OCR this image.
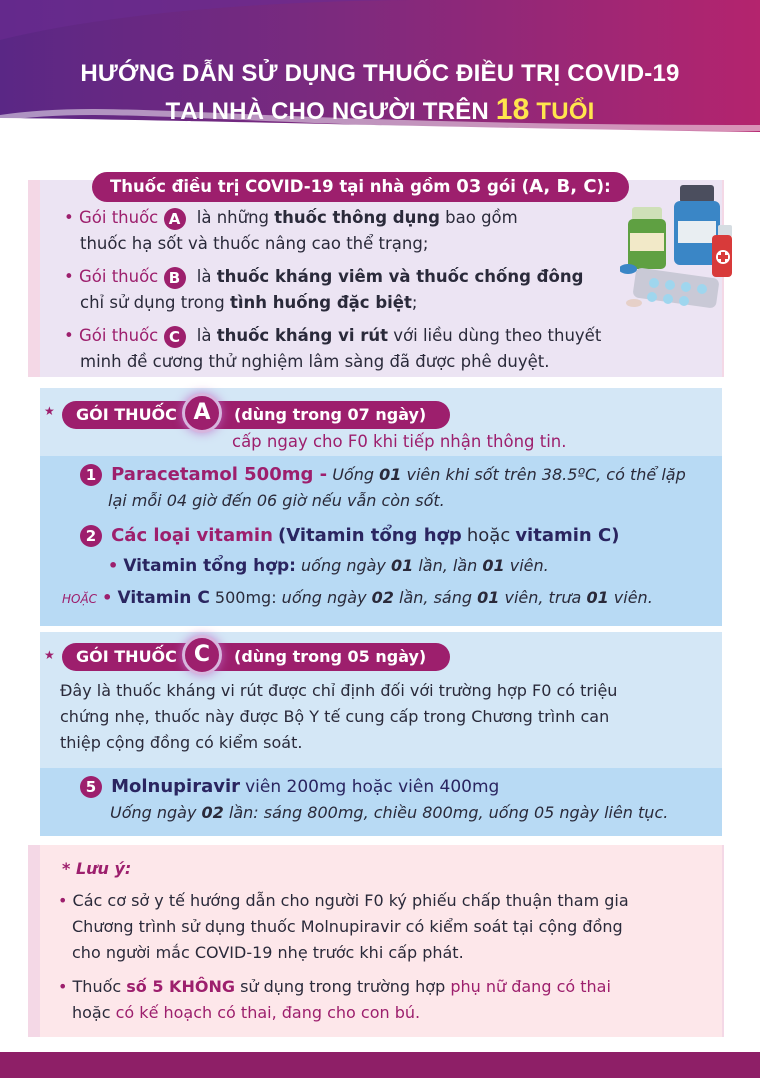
HƯỚNG DẪN SỬ DỤNG THUỐC ĐIỀU TRỊ COVID-19
TẠI NHÀ CHO NGƯỜI TRÊN 18 TUỔI
Thuốc điều trị COVID-19 tại nhà gồm 03 gói (A, B, C):
• Gói thuốc A là những thuốc thông dụng bao gồm
thuốc hạ sốt và thuốc nâng cao thể trạng;
• Gói thuốc B là thuốc kháng viêm và thuốc chống đông
chỉ sử dụng trong tình huống đặc biệt;
• Gói thuốc C là thuốc kháng vi rút với liều dùng theo thuyết
minh đề cương thử nghiệm lâm sàng đã được phê duyệt.
★ GÓI THUỐC A	(dùng trong 07 ngày)
cấp ngay cho F0 khi tiếp nhận thông tin.
1 Paracetamol 500mg - Uống 01 viên khi sốt trên 38.5ºC, có thể lặp
lại mỗi 04 giờ đến 06 giờ nếu vẫn còn sốt.
2 Các loại vitamin (Vitamin tổng hợp hoặc vitamin C)
• Vitamin tổng hợp: uống ngày 01 lần, lần 01 viên.
HOẶC • Vitamin C 500mg: uống ngày 02 lần, sáng 01 viên, trưa 01 viên.
★ GÓI THUỐC C	(dùng trong 05 ngày)
Đây là thuốc kháng vi rút được chỉ định đối với trường hợp F0 có triệu
chứng nhẹ, thuốc này được Bộ Y tế cung cấp trong Chương trình can
thiệp cộng đồng có kiểm soát.
5 Molnupiravir viên 200mg hoặc viên 400mg
Uống ngày 02 lần: sáng 800mg, chiều 800mg, uống 05 ngày liên tục.
* Lưu ý:
• Các cơ sở y tế hướng dẫn cho người F0 ký phiếu chấp thuận tham gia
Chương trình sử dụng thuốc Molnupiravir có kiểm soát tại cộng đồng
cho người mắc COVID-19 nhẹ trước khi cấp phát.
• Thuốc số 5 KHÔNG sử dụng trong trường hợp phụ nữ đang có thai
hoặc có kế hoạch có thai, đang cho con bú.
